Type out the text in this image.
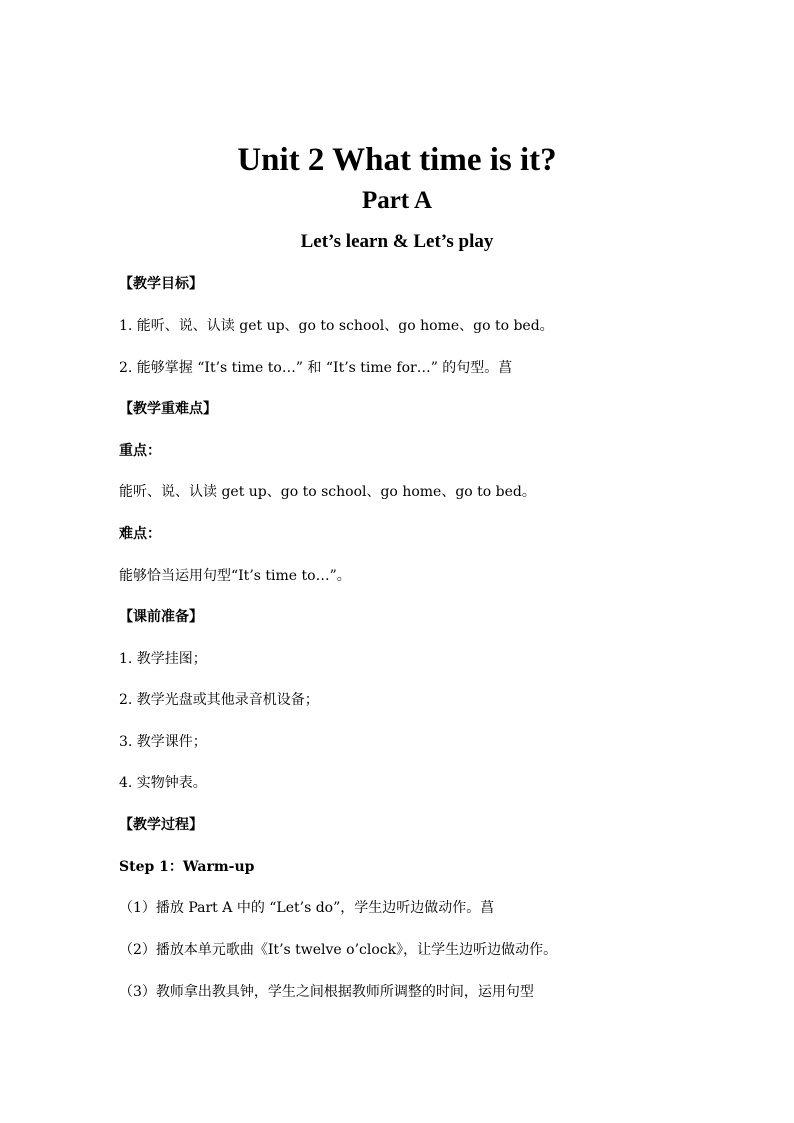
Unit 2 What time is it?
Part A
Let’s learn & Let’s play
【教学目标】
1. 能听、说、认读 get up、go to school、go home、go to bed。
2. 能够掌握 “It’s time to…” 和 “It’s time for…” 的句型。菖
【教学重难点】
重点：
能听、说、认读 get up、go to school、go home、go to bed。
难点：
能够恰当运用句型“It’s time to…”。
【课前准备】
1. 教学挂图；
2. 教学光盘或其他录音机设备；
3. 教学课件；
4. 实物钟表。
【教学过程】
Step 1：Warm-up
（1）播放 Part A 中的 “Let’s do”，学生边听边做动作。菖
（2）播放本单元歌曲《It’s twelve o’clock》，让学生边听边做动作。
（3）教师拿出教具钟，学生之间根据教师所调整的时间，运用句型
